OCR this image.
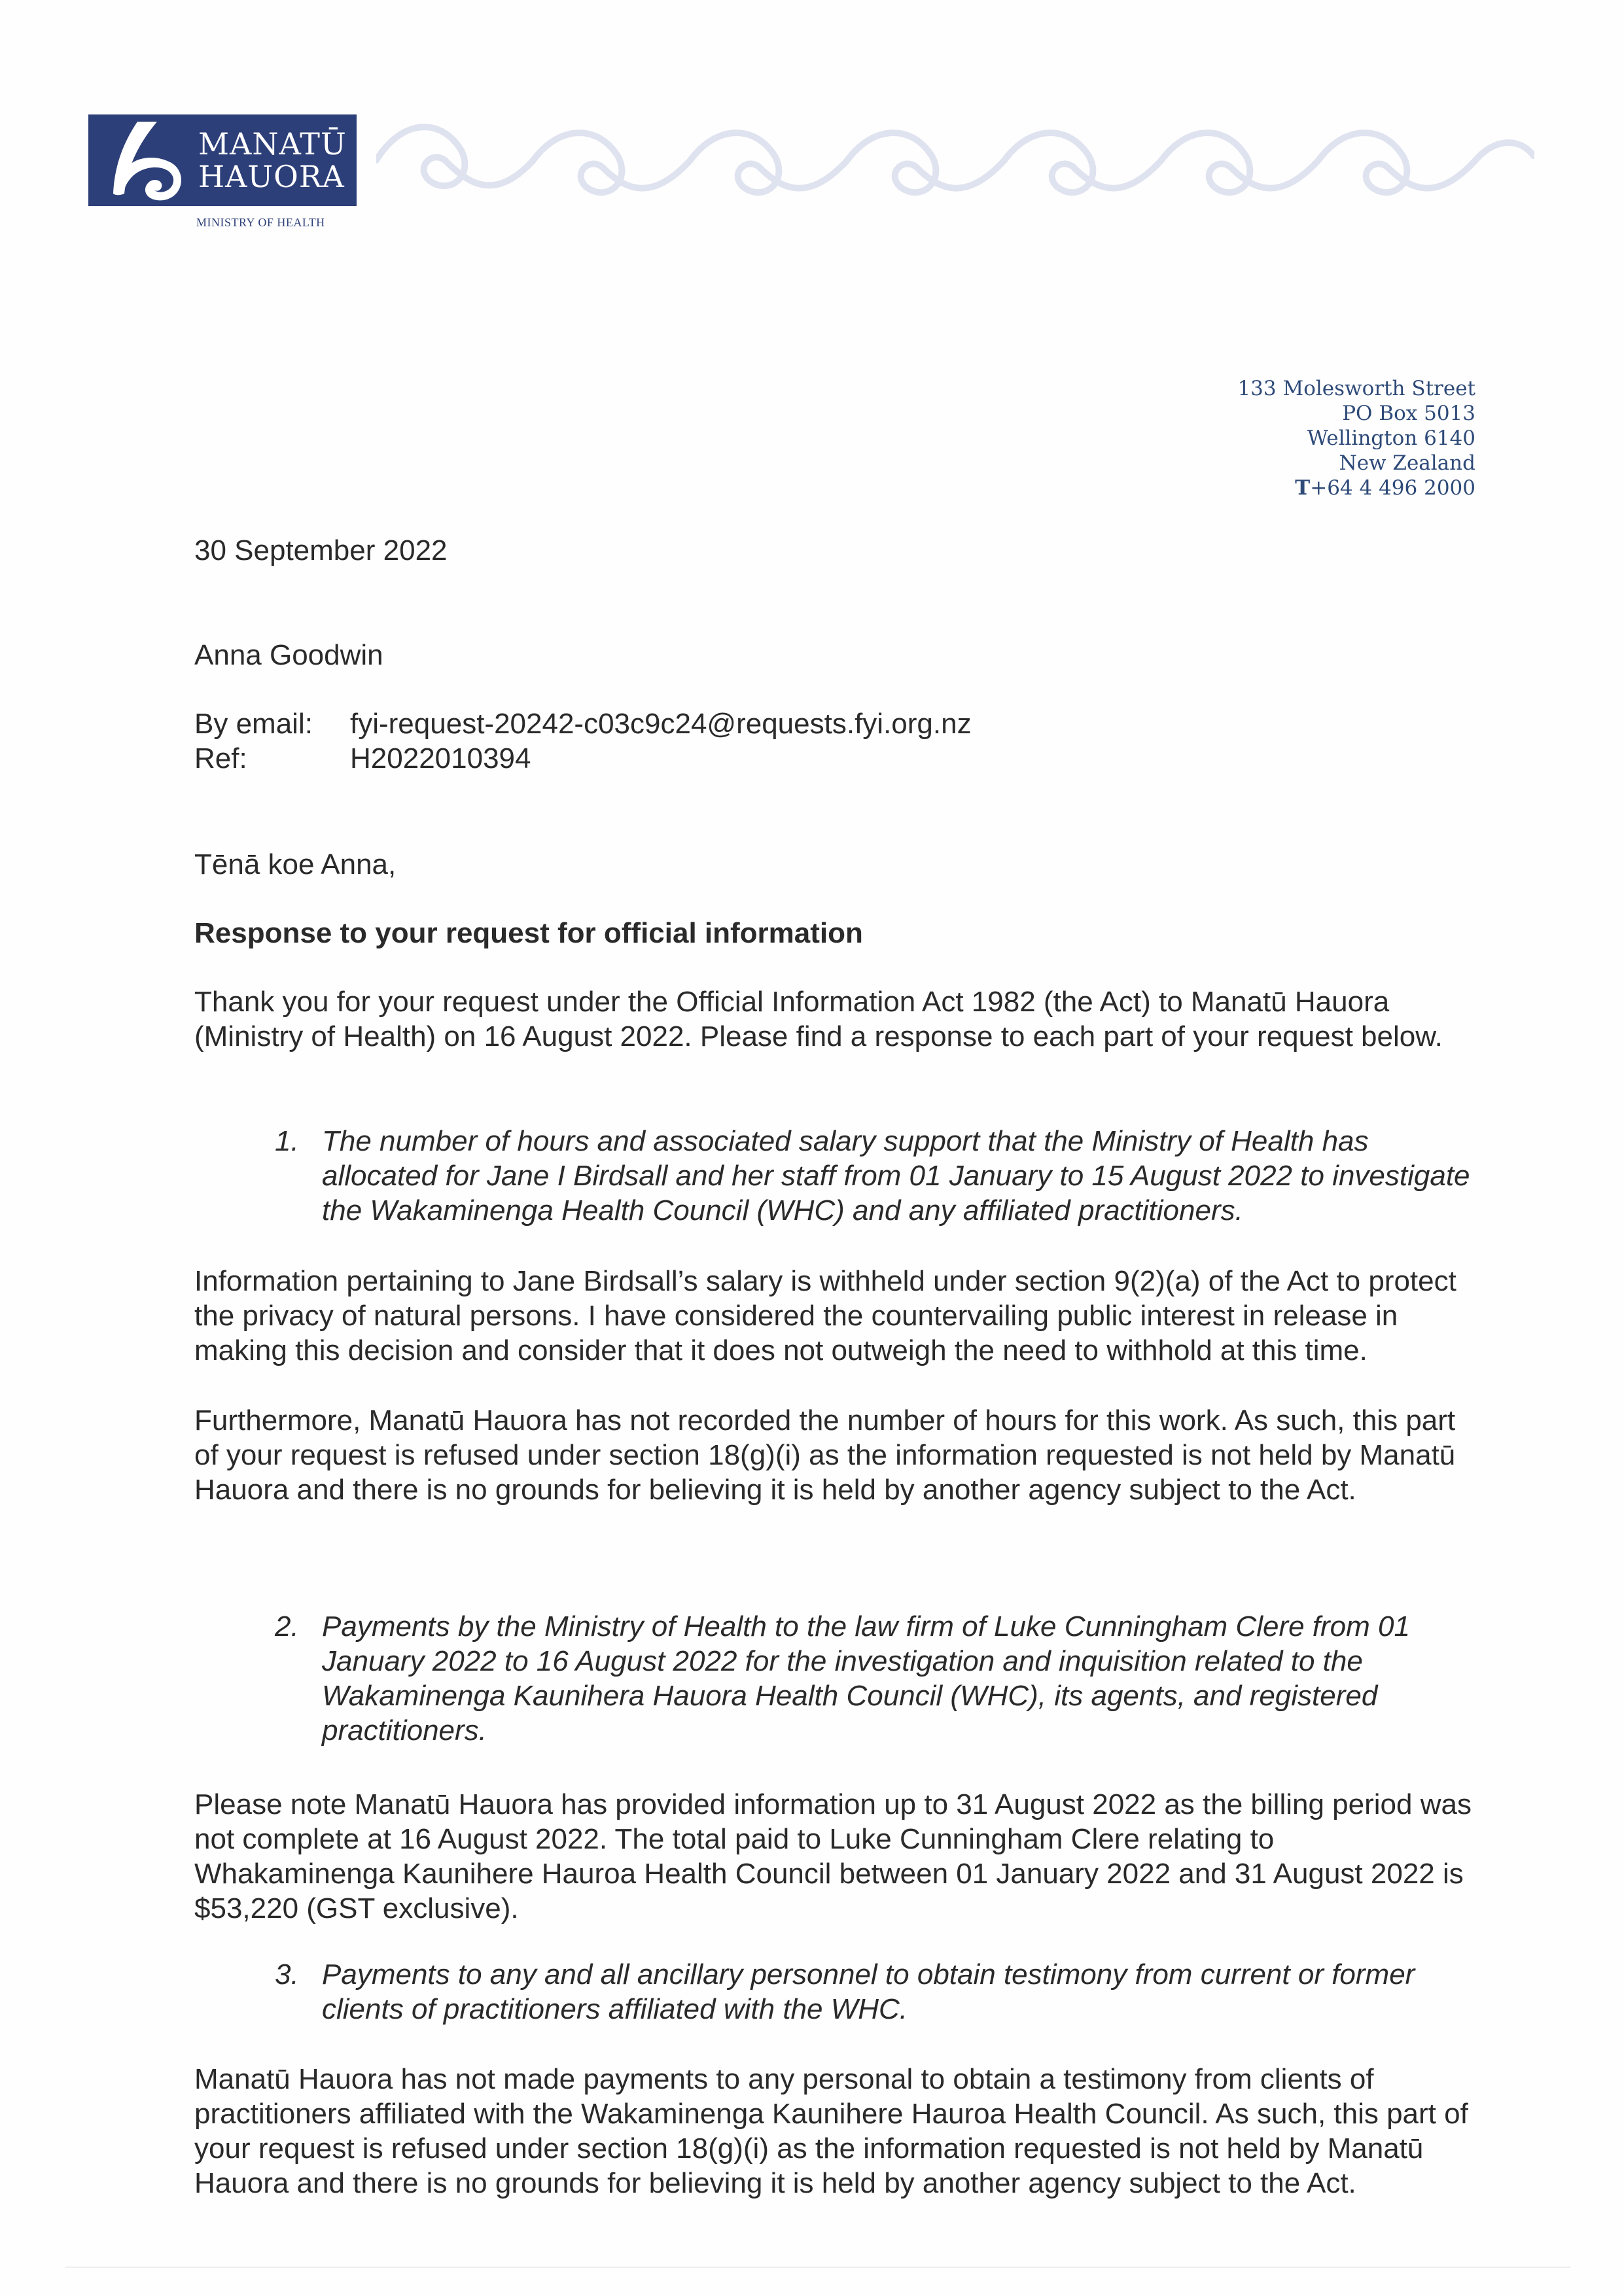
MANATŪ
HAUORA
MINISTRY OF HEALTH
133 Molesworth Street
PO Box 5013
Wellington 6140
New Zealand
T+64 4 496 2000
30 September 2022
Anna Goodwin
By email:	fyi-request-20242-c03c9c24@requests.fyi.org.nz
Ref:	H2022010394
Tēnā koe Anna,
Response to your request for official information
Thank you for your request under the Official Information Act 1982 (the Act) to Manatū Hauora (Ministry of Health) on 16 August 2022. Please find a response to each part of your request below.
1. The number of hours and associated salary support that the Ministry of Health has allocated for Jane I Birdsall and her staff from 01 January to 15 August 2022 to investigate the Wakaminenga Health Council (WHC) and any affiliated practitioners.
Information pertaining to Jane Birdsall’s salary is withheld under section 9(2)(a) of the Act to protect the privacy of natural persons. I have considered the countervailing public interest in release in making this decision and consider that it does not outweigh the need to withhold at this time.
Furthermore, Manatū Hauora has not recorded the number of hours for this work. As such, this part of your request is refused under section 18(g)(i) as the information requested is not held by Manatū Hauora and there is no grounds for believing it is held by another agency subject to the Act.
2. Payments by the Ministry of Health to the law firm of Luke Cunningham Clere from 01 January 2022 to 16 August 2022 for the investigation and inquisition related to the Wakaminenga Kaunihera Hauora Health Council (WHC), its agents, and registered practitioners.
Please note Manatū Hauora has provided information up to 31 August 2022 as the billing period was not complete at 16 August 2022. The total paid to Luke Cunningham Clere relating to Whakaminenga Kaunihere Hauroa Health Council between 01 January 2022 and 31 August 2022 is $53,220 (GST exclusive).
3. Payments to any and all ancillary personnel to obtain testimony from current or former clients of practitioners affiliated with the WHC.
Manatū Hauora has not made payments to any personal to obtain a testimony from clients of practitioners affiliated with the Wakaminenga Kaunihere Hauroa Health Council. As such, this part of your request is refused under section 18(g)(i) as the information requested is not held by Manatū Hauora and there is no grounds for believing it is held by another agency subject to the Act.
